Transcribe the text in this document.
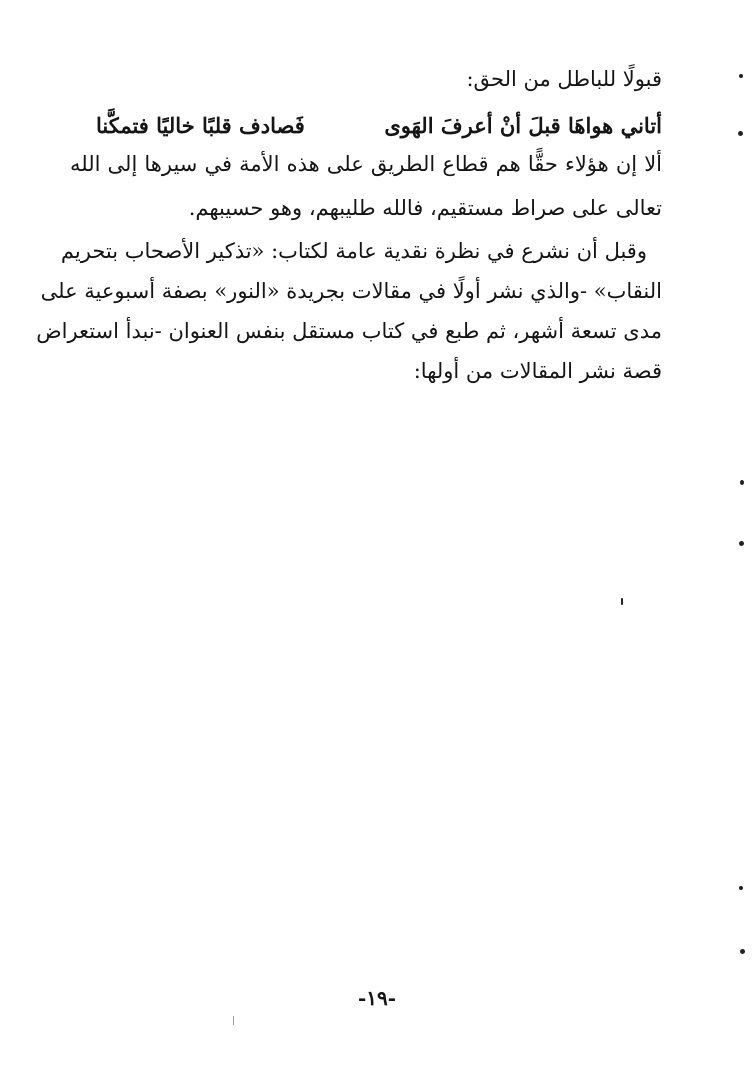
قبولًا للباطل من الحق:
أتاني هواهَا قبلَ أنْ أعرفَ الهَوى
فَصادف قلبًا خاليًا فتمكَّنا
ألا إن هؤلاء حقًّا هم قطاع الطريق على هذه الأمة في سيرها إلى الله
تعالى على صراط مستقيم، فالله طليبهم، وهو حسيبهم.
وقبل أن نشرع في نظرة نقدية عامة لكتاب: «تذكير الأصحاب بتحريم
النقاب» -والذي نشر أولًا في مقالات بجريدة «النور» بصفة أسبوعية على
مدى تسعة أشهر، ثم طبع في كتاب مستقل بنفس العنوان -نبدأ استعراض
قصة نشر المقالات من أولها:
-١٩-
